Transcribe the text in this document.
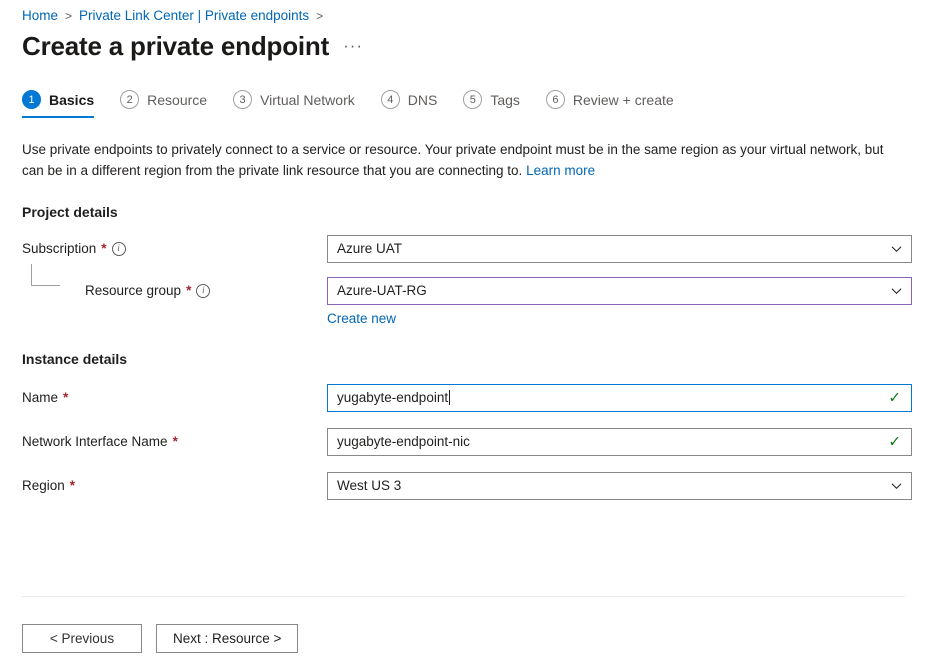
Home > Private Link Center | Private endpoints >
Create a private endpoint ···
1	Basics	2	Resource	3	Virtual Network	4	DNS	5	Tags	6	Review + create
Use private endpoints to privately connect to a service or resource. Your private endpoint must be in the same region as your virtual network, but can be in a different region from the private link resource that you are connecting to. Learn more
Project details
Subscription *	i	Azure UAT
Resource group *	i	Azure-UAT-RG
Create new
Instance details
Name *	yugabyte-endpoint	✓
Network Interface Name *	yugabyte-endpoint-nic	✓
Region *	West US 3
< Previous	Next : Resource >
